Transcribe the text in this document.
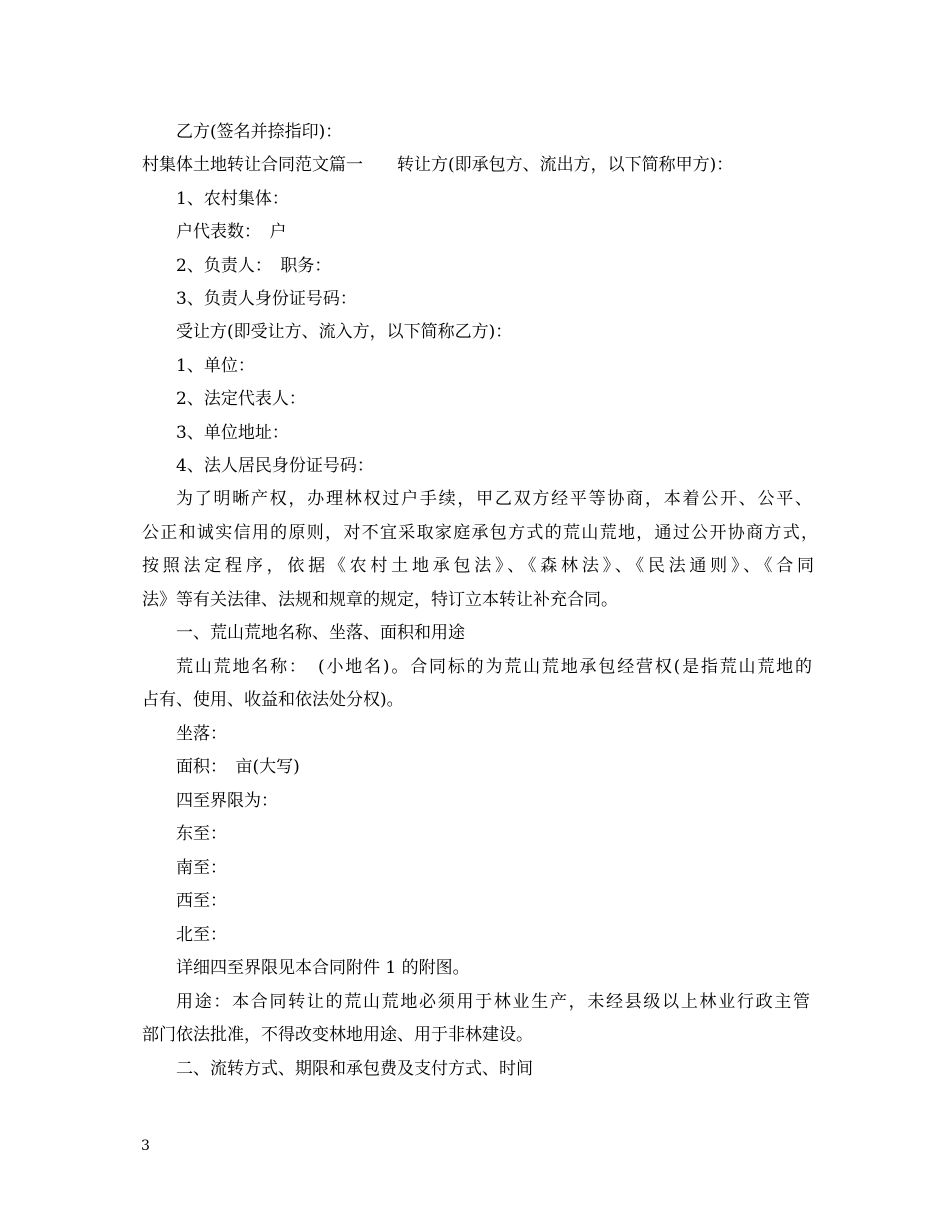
乙方(签名并捺指印)：
村集体土地转让合同范文篇一　　转让方(即承包方、流出方，以下简称甲方)：
1、农村集体：
户代表数：　户
2、负责人：　职务：
3、负责人身份证号码：
受让方(即受让方、流入方，以下简称乙方)：
1、单位：
2、法定代表人：
3、单位地址：
4、法人居民身份证号码：
为了明晰产权，办理林权过户手续，甲乙双方经平等协商，本着公开、公平、
公正和诚实信用的原则，对不宜采取家庭承包方式的荒山荒地，通过公开协商方式，
按照法定程序，依据《农村土地承包法》、《森林法》、《民法通则》、《合同
法》等有关法律、法规和规章的规定，特订立本转让补充合同。
一、荒山荒地名称、坐落、面积和用途
荒山荒地名称：　(小地名)。合同标的为荒山荒地承包经营权(是指荒山荒地的
占有、使用、收益和依法处分权)。
坐落：
面积：　亩(大写)
四至界限为：
东至：
南至：
西至：
北至：
详细四至界限见本合同附件 1 的附图。
用途：本合同转让的荒山荒地必须用于林业生产，未经县级以上林业行政主管
部门依法批准，不得改变林地用途、用于非林建设。
二、流转方式、期限和承包费及支付方式、时间
3
